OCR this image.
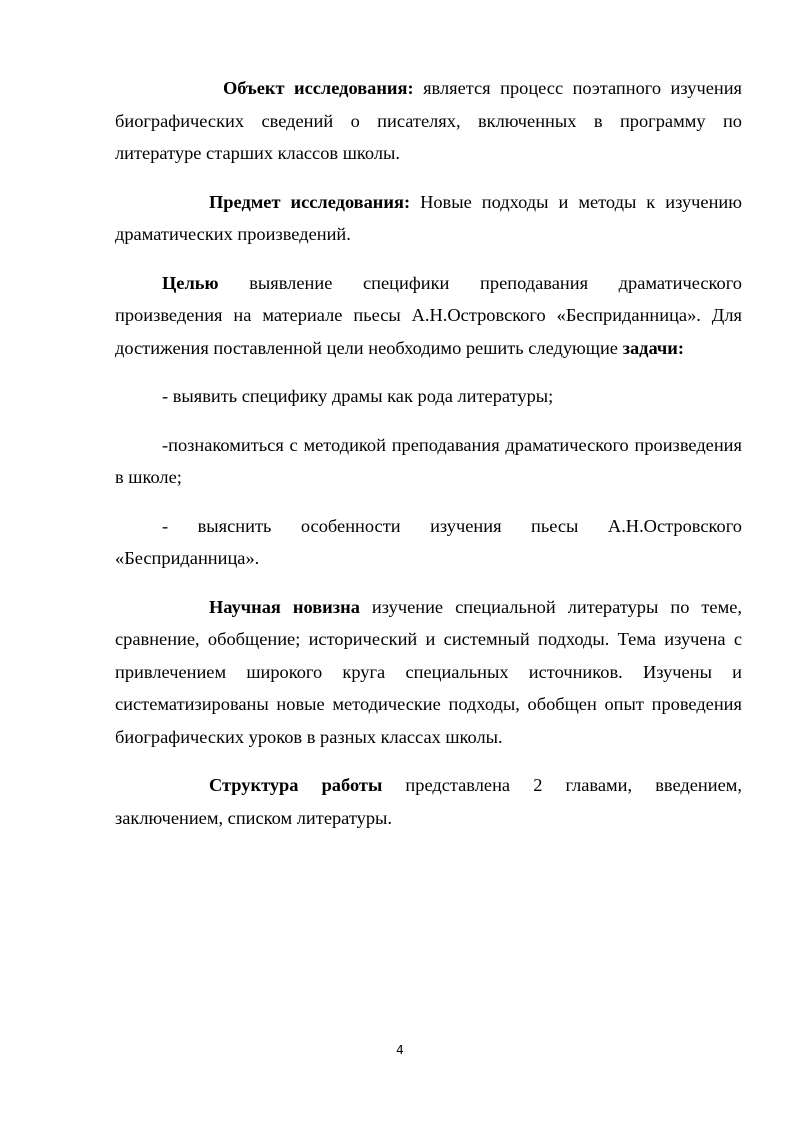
Объект исследования: является процесс поэтапного изучения биографических сведений о писателях, включенных в программу по литературе старших классов школы.

Предмет исследования: Новые подходы и методы к изучению драматических произведений.

Целью выявление специфики преподавания драматического произведения на материале пьесы А.Н.Островского «Бесприданница». Для достижения поставленной цели необходимо решить следующие задачи:

- выявить специфику драмы как рода литературы;

-познакомиться с методикой преподавания драматического произведения в школе;

- выяснить особенности изучения пьесы А.Н.Островского «Бесприданница».

Научная новизна изучение специальной литературы по теме, сравнение, обобщение; исторический и системный подходы. Тема изучена с привлечением широкого круга специальных источников. Изучены и систематизированы новые методические подходы, обобщен опыт проведения биографических уроков в разных классах школы.

Структура работы представлена 2 главами, введением, заключением, списком литературы.

4
